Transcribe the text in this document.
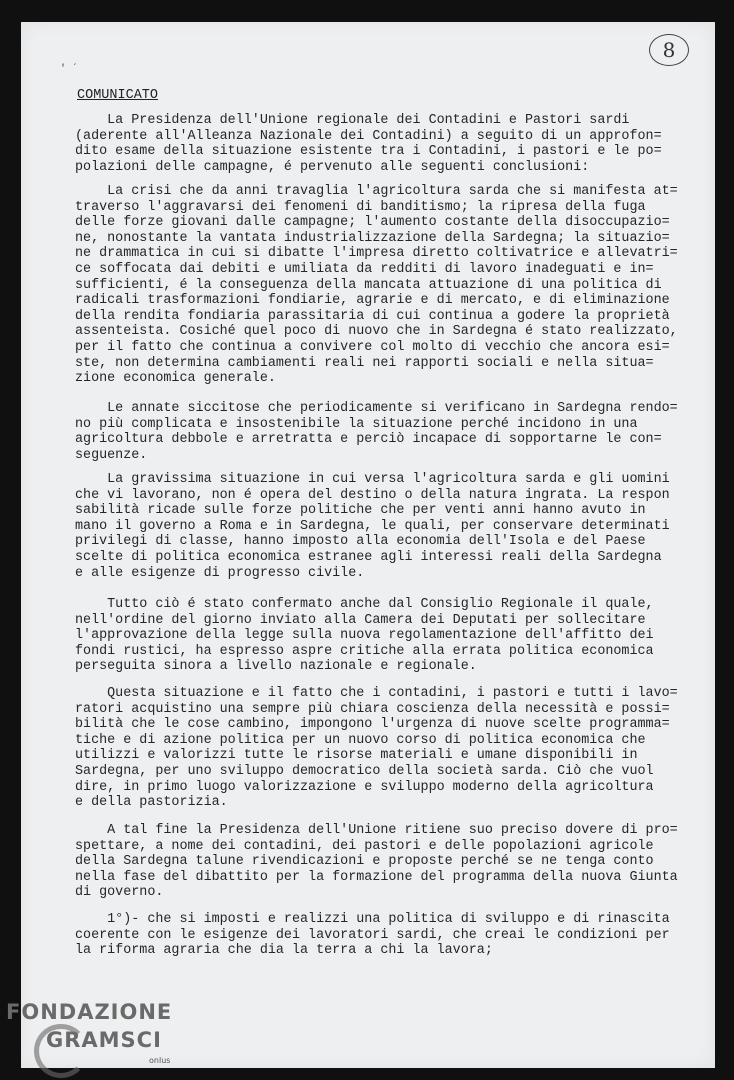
8
' ˊ
COMUNICATO
La Presidenza dell'Unione regionale dei Contadini e Pastori sardi
(aderente all'Alleanza Nazionale dei Contadini) a seguito di un approfon=
dito esame della situazione esistente tra i Contadini, i pastori e le po=
polazioni delle campagne, é pervenuto alle seguenti conclusioni:
La crisi che da anni travaglia l'agricoltura sarda che si manifesta at=
traverso l'aggravarsi dei fenomeni di banditismo; la ripresa della fuga
delle forze giovani dalle campagne; l'aumento costante della disoccupazio=
ne, nonostante la vantata industrializzazione della Sardegna; la situazio=
ne drammatica in cui si dibatte l'impresa diretto coltivatrice e allevatri=
ce soffocata dai debiti e umiliata da redditi di lavoro inadeguati e in=
sufficienti, é la conseguenza della mancata attuazione di una politica di
radicali trasformazioni fondiarie, agrarie e di mercato, e di eliminazione
della rendita fondiaria parassitaria di cui continua a godere la proprietà
assenteista. Cosiché quel poco di nuovo che in Sardegna é stato realizzato,
per il fatto che continua a convivere col molto di vecchio che ancora esi=
ste, non determina cambiamenti reali nei rapporti sociali e nella situa=
zione economica generale.
Le annate siccitose che periodicamente si verificano in Sardegna rendo=
no più complicata e insostenibile la situazione perché incidono in una
agricoltura debbole e arretratta e perciò incapace di sopportarne le con=
seguenze.
La gravissima situazione in cui versa l'agricoltura sarda e gli uomini
che vi lavorano, non é opera del destino o della natura ingrata. La respon
sabilità ricade sulle forze politiche che per venti anni hanno avuto in
mano il governo a Roma e in Sardegna, le quali, per conservare determinati
privilegi di classe, hanno imposto alla economia dell'Isola e del Paese
scelte di politica economica estranee agli interessi reali della Sardegna
e alle esigenze di progresso civile.
Tutto ciò é stato confermato anche dal Consiglio Regionale il quale,
nell'ordine del giorno inviato alla Camera dei Deputati per sollecitare
l'approvazione della legge sulla nuova regolamentazione dell'affitto dei
fondi rustici, ha espresso aspre critiche alla errata politica economica
perseguita sinora a livello nazionale e regionale.
Questa situazione e il fatto che i contadini, i pastori e tutti i lavo=
ratori acquistino una sempre più chiara coscienza della necessità e possi=
bilità che le cose cambino, impongono l'urgenza di nuove scelte programma=
tiche e di azione politica per un nuovo corso di politica economica che
utilizzi e valorizzi tutte le risorse materiali e umane disponibili in
Sardegna, per uno sviluppo democratico della società sarda. Ciò che vuol
dire, in primo luogo valorizzazione e sviluppo moderno della agricoltura
e della pastorizia.
A tal fine la Presidenza dell'Unione ritiene suo preciso dovere di pro=
spettare, a nome dei contadini, dei pastori e delle popolazioni agricole
della Sardegna talune rivendicazioni e proposte perché se ne tenga conto
nella fase del dibattito per la formazione del programma della nuova Giunta
di governo.
1°)- che si imposti e realizzi una politica di sviluppo e di rinascita
coerente con le esigenze dei lavoratori sardi, che creai le condizioni per
la riforma agraria che dia la terra a chi la lavora;
FONDAZIONE
GRAMSCI
onlus
